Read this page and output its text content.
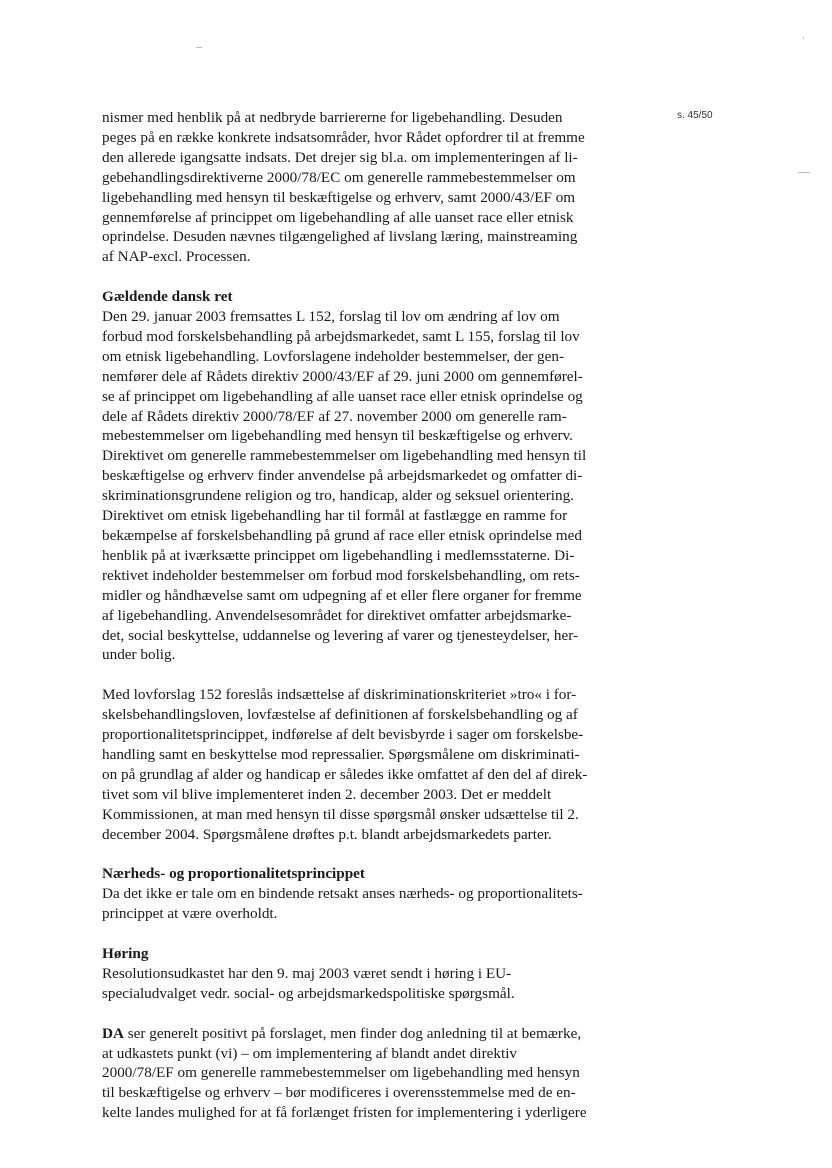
s. 45/50
nismer med henblik på at nedbryde barriererne for ligebehandling. Desuden
peges på en række konkrete indsatsområder, hvor Rådet opfordrer til at fremme
den allerede igangsatte indsats. Det drejer sig bl.a. om implementeringen af li-
gebehandlingsdirektiverne 2000/78/EC om generelle rammebestemmelser om
ligebehandling med hensyn til beskæftigelse og erhverv, samt 2000/43/EF om
gennemførelse af princippet om ligebehandling af alle uanset race eller etnisk
oprindelse. Desuden nævnes tilgængelighed af livslang læring, mainstreaming
af NAP-excl. Processen.
Gældende dansk ret
Den 29. januar 2003 fremsattes L 152, forslag til lov om ændring af lov om
forbud mod forskelsbehandling på arbejdsmarkedet, samt L 155, forslag til lov
om etnisk ligebehandling. Lovforslagene indeholder bestemmelser, der gen-
nemfører dele af Rådets direktiv 2000/43/EF af 29. juni 2000 om gennemførel-
se af princippet om ligebehandling af alle uanset race eller etnisk oprindelse og
dele af Rådets direktiv 2000/78/EF af 27. november 2000 om generelle ram-
mebestemmelser om ligebehandling med hensyn til beskæftigelse og erhverv.
Direktivet om generelle rammebestemmelser om ligebehandling med hensyn til
beskæftigelse og erhverv finder anvendelse på arbejdsmarkedet og omfatter di-
skriminationsgrundene religion og tro, handicap, alder og seksuel orientering.
Direktivet om etnisk ligebehandling har til formål at fastlægge en ramme for
bekæmpelse af forskelsbehandling på grund af race eller etnisk oprindelse med
henblik på at iværksætte princippet om ligebehandling i medlemsstaterne. Di-
rektivet indeholder bestemmelser om forbud mod forskelsbehandling, om rets-
midler og håndhævelse samt om udpegning af et eller flere organer for fremme
af ligebehandling. Anvendelsesområdet for direktivet omfatter arbejdsmarke-
det, social beskyttelse, uddannelse og levering af varer og tjenesteydelser, her-
under bolig.
Med lovforslag 152 foreslås indsættelse af diskriminationskriteriet »tro« i for-
skelsbehandlingsloven, lovfæstelse af definitionen af forskelsbehandling og af
proportionalitetsprincippet, indførelse af delt bevisbyrde i sager om forskelsbe-
handling samt en beskyttelse mod repressalier. Spørgsmålene om diskriminati-
on på grundlag af alder og handicap er således ikke omfattet af den del af direk-
tivet som vil blive implementeret inden 2. december 2003. Det er meddelt
Kommissionen, at man med hensyn til disse spørgsmål ønsker udsættelse til 2.
december 2004. Spørgsmålene drøftes p.t. blandt arbejdsmarkedets parter.
Nærheds- og proportionalitetsprincippet
Da det ikke er tale om en bindende retsakt anses nærheds- og proportionalitets-
princippet at være overholdt.
Høring
Resolutionsudkastet har den 9. maj 2003 været sendt i høring i EU-
specialudvalget vedr. social- og arbejdsmarkedspolitiske spørgsmål.
DA ser generelt positivt på forslaget, men finder dog anledning til at bemærke,
at udkastets punkt (vi) – om implementering af blandt andet direktiv
2000/78/EF om generelle rammebestemmelser om ligebehandling med hensyn
til beskæftigelse og erhverv – bør modificeres i overensstemmelse med de en-
kelte landes mulighed for at få forlænget fristen for implementering i yderligere
